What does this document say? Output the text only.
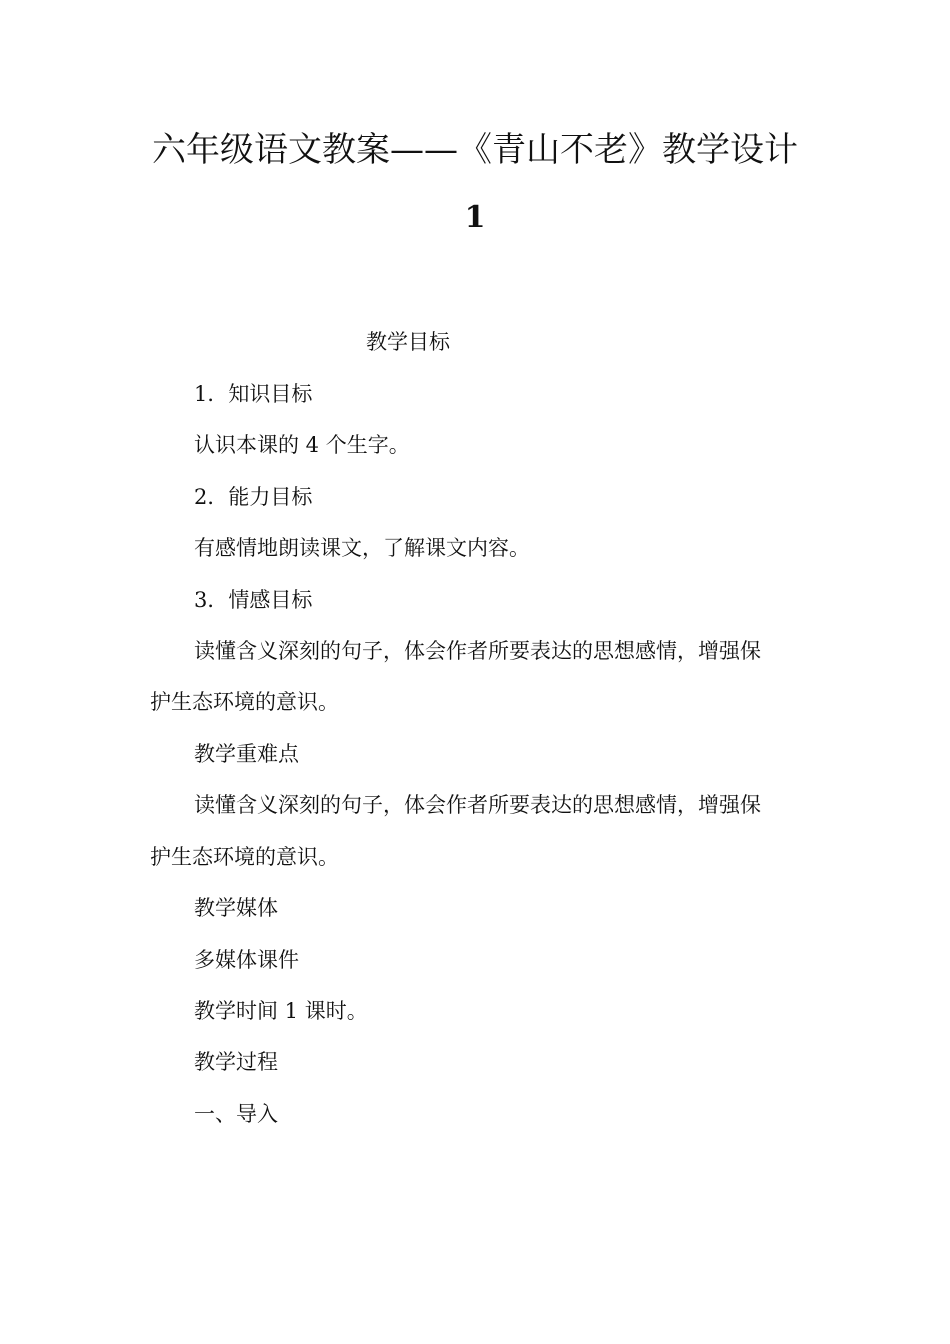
六年级语文教案——《青山不老》教学设计
1
教学目标
1．知识目标
认识本课的 4 个生字。
2．能力目标
有感情地朗读课文，了解课文内容。
3．情感目标
读懂含义深刻的句子，体会作者所要表达的思想感情，增强保
护生态环境的意识。
教学重难点
读懂含义深刻的句子，体会作者所要表达的思想感情，增强保
护生态环境的意识。
教学媒体
多媒体课件
教学时间 1 课时。
教学过程
一、导入
